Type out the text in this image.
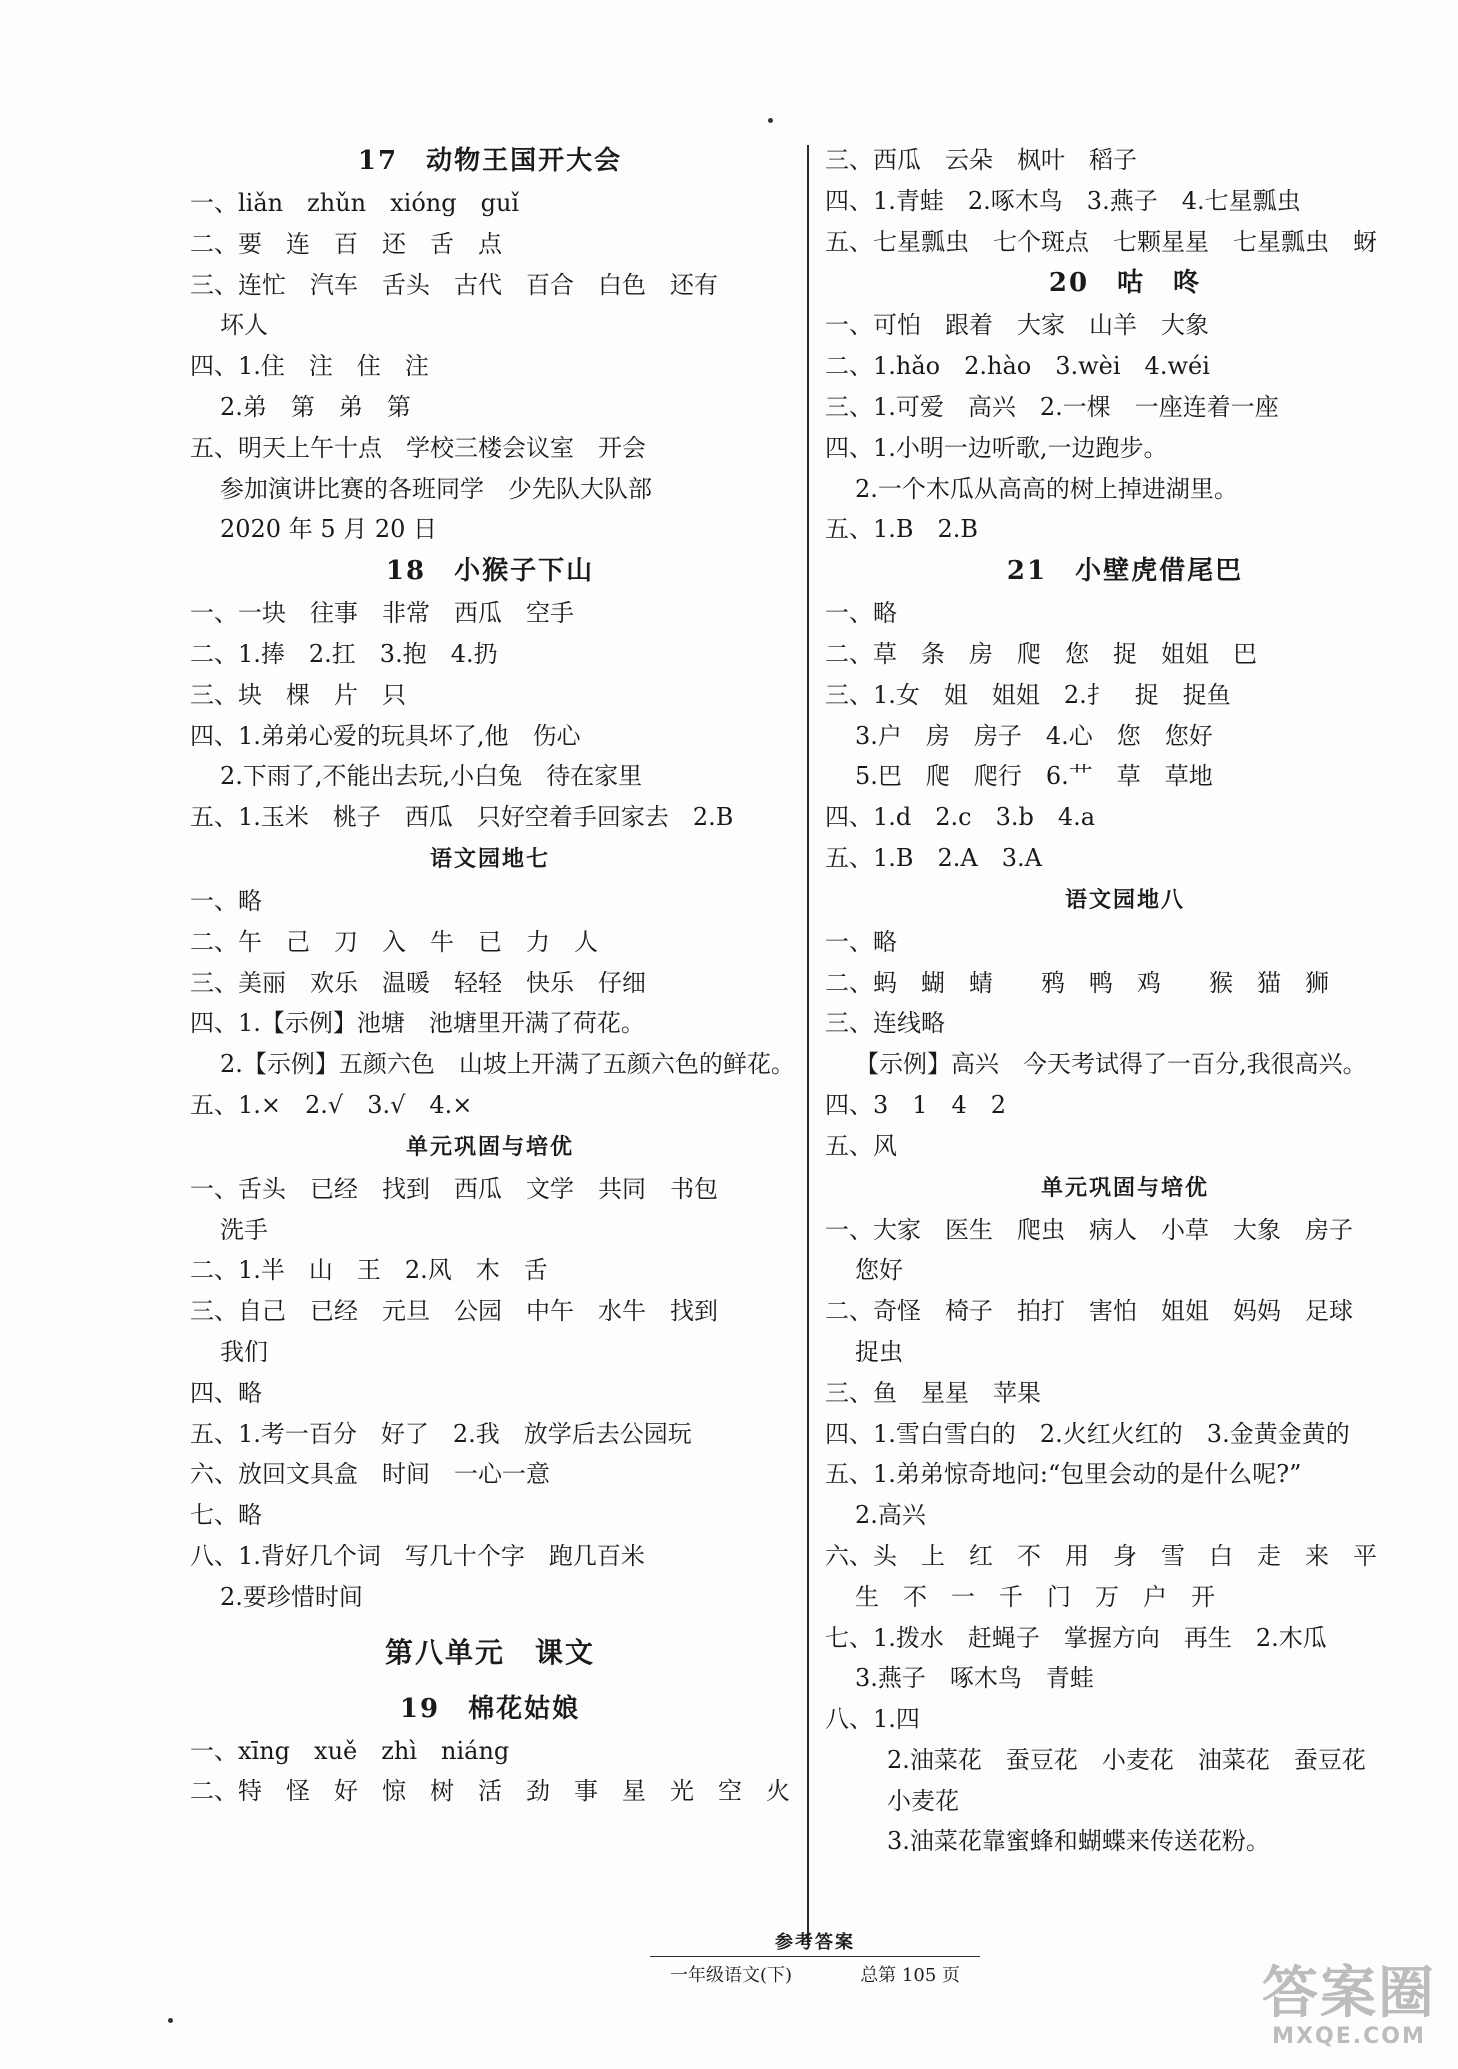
17　动物王国开大会
一、liǎn　zhǔn　xióng　guǐ
二、要　连　百　还　舌　点
三、连忙　汽车　舌头　古代　百合　白色　还有
坏人
四、1.住　注　住　注
2.弟　第　弟　第
五、明天上午十点　学校三楼会议室　开会
参加演讲比赛的各班同学　少先队大队部
2020 年 5 月 20 日
18　小猴子下山
一、一块　往事　非常　西瓜　空手
二、1.捧　2.扛　3.抱　4.扔
三、块　棵　片　只
四、1.弟弟心爱的玩具坏了,他　伤心
2.下雨了,不能出去玩,小白兔　待在家里
五、1.玉米　桃子　西瓜　只好空着手回家去　2.B
语文园地七
一、略
二、午　己　刀　入　牛　已　力　人
三、美丽　欢乐　温暖　轻轻　快乐　仔细
四、1.【示例】池塘　池塘里开满了荷花。
2.【示例】五颜六色　山坡上开满了五颜六色的鲜花。
五、1.×　2.√　3.√　4.×
单元巩固与培优
一、舌头　已经　找到　西瓜　文学　共同　书包
洗手
二、1.半　山　王　2.风　木　舌
三、自己　已经　元旦　公园　中午　水牛　找到
我们
四、略
五、1.考一百分　好了　2.我　放学后去公园玩
六、放回文具盒　时间　一心一意
七、略
八、1.背好几个词　写几十个字　跑几百米
2.要珍惜时间
第八单元　课文
19　棉花姑娘
一、xīng　xuě　zhì　niáng
二、特　怪　好　惊　树　活　劲　事　星　光　空　火
三、西瓜　云朵　枫叶　稻子
四、1.青蛙　2.啄木鸟　3.燕子　4.七星瓢虫
五、七星瓢虫　七个斑点　七颗星星　七星瓢虫　蚜
20　咕　咚
一、可怕　跟着　大家　山羊　大象
二、1.hǎo　2.hào　3.wèi　4.wéi
三、1.可爱　高兴　2.一棵　一座连着一座
四、1.小明一边听歌,一边跑步。
2.一个木瓜从高高的树上掉进湖里。
五、1.B　2.B
21　小壁虎借尾巴
一、略
二、草　条　房　爬　您　捉　姐姐　巴
三、1.女　姐　姐姐　2.扌　捉　捉鱼
3.户　房　房子　4.心　您　您好
5.巴　爬　爬行　6.艹　草　草地
四、1.d　2.c　3.b　4.a
五、1.B　2.A　3.A
语文园地八
一、略
二、蚂　蝴　蜻　　鸦　鸭　鸡　　猴　猫　狮
三、连线略
【示例】高兴　今天考试得了一百分,我很高兴。
四、3　1　4　2
五、风
单元巩固与培优
一、大家　医生　爬虫　病人　小草　大象　房子
您好
二、奇怪　椅子　拍打　害怕　姐姐　妈妈　足球
捉虫
三、鱼　星星　苹果
四、1.雪白雪白的　2.火红火红的　3.金黄金黄的
五、1.弟弟惊奇地问:“包里会动的是什么呢?”
2.高兴
六、头　上　红　不　用　身　雪　白　走　来　平
生　不　一　千　门　万　户　开
七、1.拨水　赶蝇子　掌握方向　再生　2.木瓜
3.燕子　啄木鸟　青蛙
八、1.四
2.油菜花　蚕豆花　小麦花　油菜花　蚕豆花
小麦花
3.油菜花靠蜜蜂和蝴蝶来传送花粉。
参考答案
一年级语文(下)	总第 105 页	答案圈
MXQE.COM
